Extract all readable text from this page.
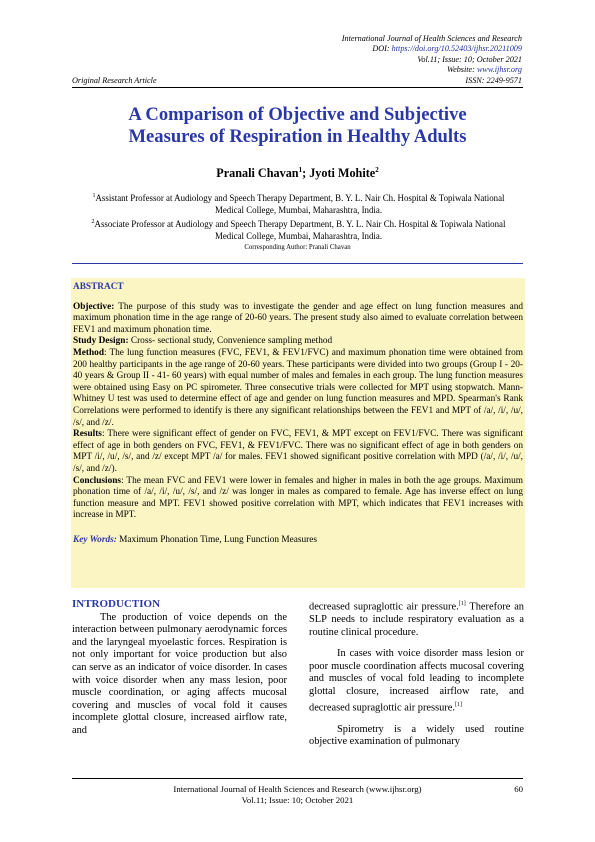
International Journal of Health Sciences and Research
DOI: https://doi.org/10.52403/ijhsr.20211009
Vol.11; Issue: 10; October 2021
Website: www.ijhsr.org
Original Research Article	ISSN: 2249-9571
A Comparison of Objective and Subjective
Measures of Respiration in Healthy Adults
Pranali Chavan$^1$; Jyoti Mohite$^2$

$^1$Assistant Professor at Audiology and Speech Therapy Department, B. Y. L. Nair Ch. Hospital & Topiwala National Medical College, Mumbai, Maharashtra, India.

$^2$Associate Professor at Audiology and Speech Therapy Department, B. Y. L. Nair Ch. Hospital & Topiwala National Medical College, Mumbai, Maharashtra, India.

Corresponding Author: Pranali Chavan

ABSTRACT

Objective: The purpose of this study was to investigate the gender and age effect on lung function measures and maximum phonation time in the age range of 20-60 years. The present study also aimed to evaluate correlation between FEV1 and maximum phonation time.

Study Design: Cross- sectional study, Convenience sampling method

Method: The lung function measures (FVC, FEV1, & FEV1/FVC) and maximum phonation time were obtained from 200 healthy participants in the age range of 20-60 years. These participants were divided into two groups (Group I - 20- 40 years & Group II - 41- 60 years) with equal number of males and females in each group. The lung function measures were obtained using Easy on PC spirometer. Three consecutive trials were collected for MPT using stopwatch. Mann- Whitney U test was used to determine effect of age and gender on lung function measures and MPD. Spearman's Rank Correlations were performed to identify is there any significant relationships between the FEV1 and MPT of /a/, /i/, /u/, /s/, and /z/.

Results: There were significant effect of gender on FVC, FEV1, & MPT except on FEV1/FVC. There was significant effect of age in both genders on FVC, FEV1, & FEV1/FVC. There was no significant effect of age in both genders on MPT /i/, /u/, /s/, and /z/ except MPT /a/ for males. FEV1 showed significant positive correlation with MPD (/a/, /i/, /u/, /s/, and /z/).

Conclusions: The mean FVC and FEV1 were lower in females and higher in males in both the age groups. Maximum phonation time of /a/, /i/, /u/, /s/, and /z/ was longer in males as compared to female. Age has inverse effect on lung function measure and MPT. FEV1 showed positive correlation with MPT, which indicates that FEV1 increases with increase in MPT.

Key Words: Maximum Phonation Time, Lung Function Measures

INTRODUCTION

The production of voice depends on the interaction between pulmonary aerodynamic forces and the laryngeal myoelastic forces. Respiration is not only important for voice production but also can serve as an indicator of voice disorder. In cases with voice disorder when any mass lesion, poor muscle coordination, or aging affects mucosal covering and muscles of vocal fold it causes incomplete glottal closure, increased airflow rate, and

decreased supraglottic air pressure.[1] Therefore an SLP needs to include respiratory evaluation as a routine clinical procedure.

In cases with voice disorder mass lesion or poor muscle coordination affects mucosal covering and muscles of vocal fold leading to incomplete glottal closure, increased airflow rate, and decreased supraglottic air pressure.[1]

Spirometry is a widely used routine objective examination of pulmonary

International Journal of Health Sciences and Research (www.ijhsr.org)
Vol.11; Issue: 10; October 2021
60
